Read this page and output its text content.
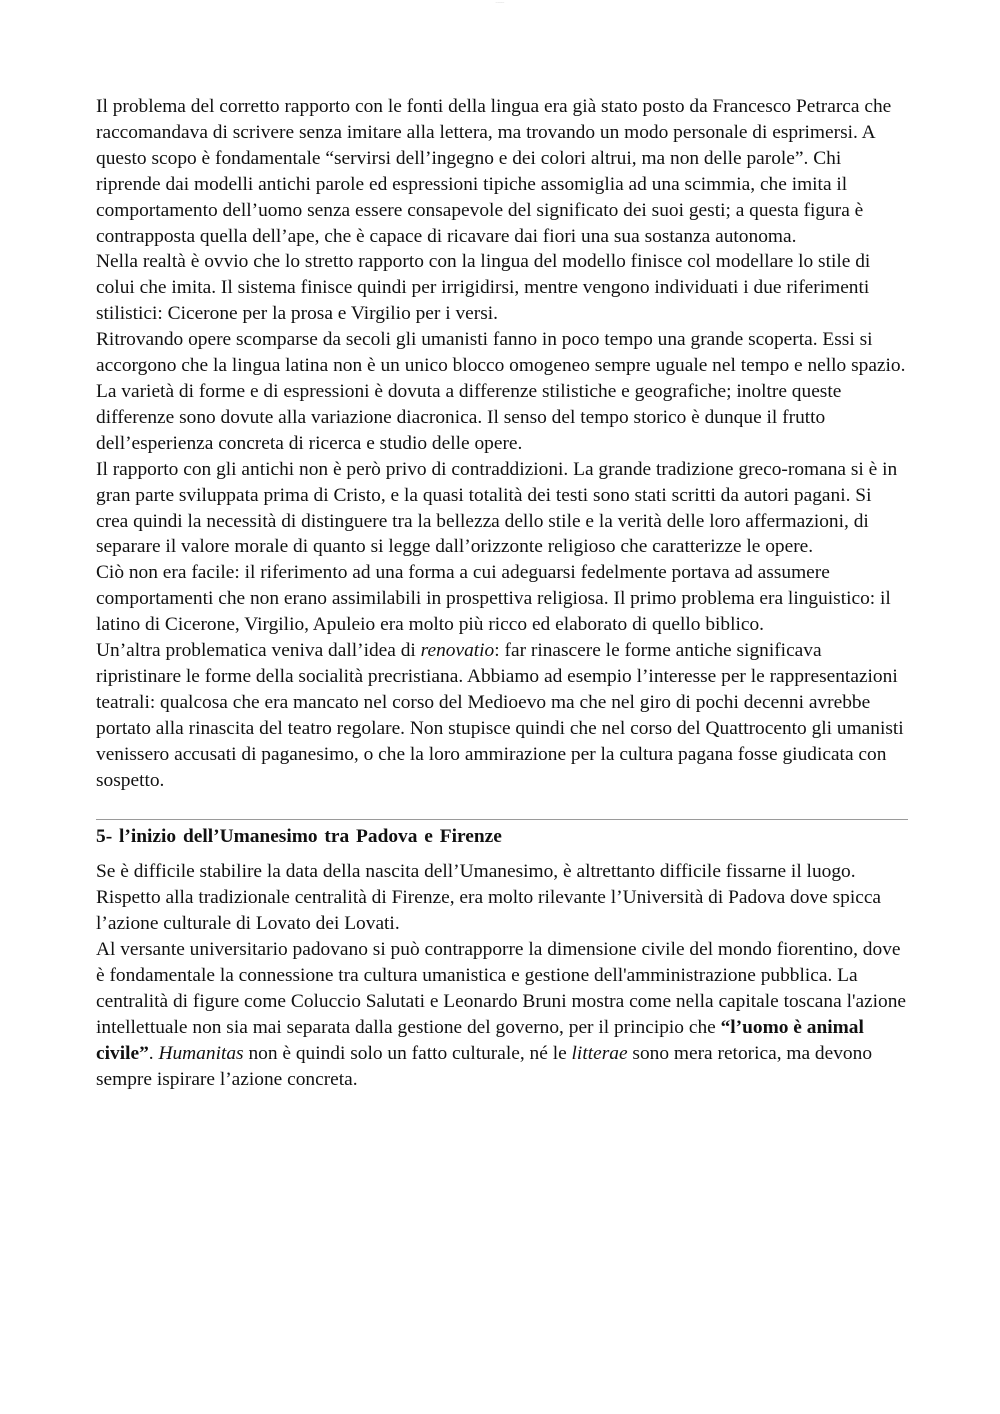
~~~~

Il problema del corretto rapporto con le fonti della lingua era già stato posto da Francesco Petrarca che raccomandava di scrivere senza imitare alla lettera, ma trovando un modo personale di esprimersi. A questo scopo è fondamentale “servirsi dell’ingegno e dei colori altrui, ma non delle parole”. Chi riprende dai modelli antichi parole ed espressioni tipiche assomiglia ad una scimmia, che imita il comportamento dell’uomo senza essere consapevole del significato dei suoi gesti; a questa figura è contrapposta quella dell’ape, che è capace di ricavare dai fiori una sua sostanza autonoma.

Nella realtà è ovvio che lo stretto rapporto con la lingua del modello finisce col modellare lo stile di colui che imita. Il sistema finisce quindi per irrigidirsi, mentre vengono individuati i due riferimenti stilistici: Cicerone per la prosa e Virgilio per i versi.

Ritrovando opere scomparse da secoli gli umanisti fanno in poco tempo una grande scoperta. Essi si accorgono che la lingua latina non è un unico blocco omogeneo sempre uguale nel tempo e nello spazio. La varietà di forme e di espressioni è dovuta a differenze stilistiche e geografiche; inoltre queste differenze sono dovute alla variazione diacronica. Il senso del tempo storico è dunque il frutto dell’esperienza concreta di ricerca e studio delle opere.

Il rapporto con gli antichi non è però privo di contraddizioni. La grande tradizione greco-romana si è in gran parte sviluppata prima di Cristo, e la quasi totalità dei testi sono stati scritti da autori pagani. Si crea quindi la necessità di distinguere tra la bellezza dello stile e la verità delle loro affermazioni, di separare il valore morale di quanto si legge dall’orizzonte religioso che caratterizze le opere.

Ciò non era facile: il riferimento ad una forma a cui adeguarsi fedelmente portava ad assumere comportamenti che non erano assimilabili in prospettiva religiosa. Il primo problema era linguistico: il latino di Cicerone, Virgilio, Apuleio era molto più ricco ed elaborato di quello biblico.

Un’altra problematica veniva dall’idea di renovatio: far rinascere le forme antiche significava ripristinare le forme della socialità precristiana. Abbiamo ad esempio l’interesse per le rappresentazioni teatrali: qualcosa che era mancato nel corso del Medioevo ma che nel giro di pochi decenni avrebbe portato alla rinascita del teatro regolare. Non stupisce quindi che nel corso del Quattrocento gli umanisti venissero accusati di paganesimo, o che la loro ammirazione per la cultura pagana fosse giudicata con sospetto.

5- l’inizio dell’Umanesimo tra Padova e Firenze

Se è difficile stabilire la data della nascita dell’Umanesimo, è altrettanto difficile fissarne il luogo. Rispetto alla tradizionale centralità di Firenze, era molto rilevante l’Università di Padova dove spicca l’azione culturale di Lovato dei Lovati.

Al versante universitario padovano si può contrapporre la dimensione civile del mondo fiorentino, dove è fondamentale la connessione tra cultura umanistica e gestione dell'amministrazione pubblica. La centralità di figure come Coluccio Salutati e Leonardo Bruni mostra come nella capitale toscana l'azione intellettuale non sia mai separata dalla gestione del governo, per il principio che “l’uomo è animal civile”. Humanitas non è quindi solo un fatto culturale, né le litterae sono mera retorica, ma devono sempre ispirare l’azione concreta.
